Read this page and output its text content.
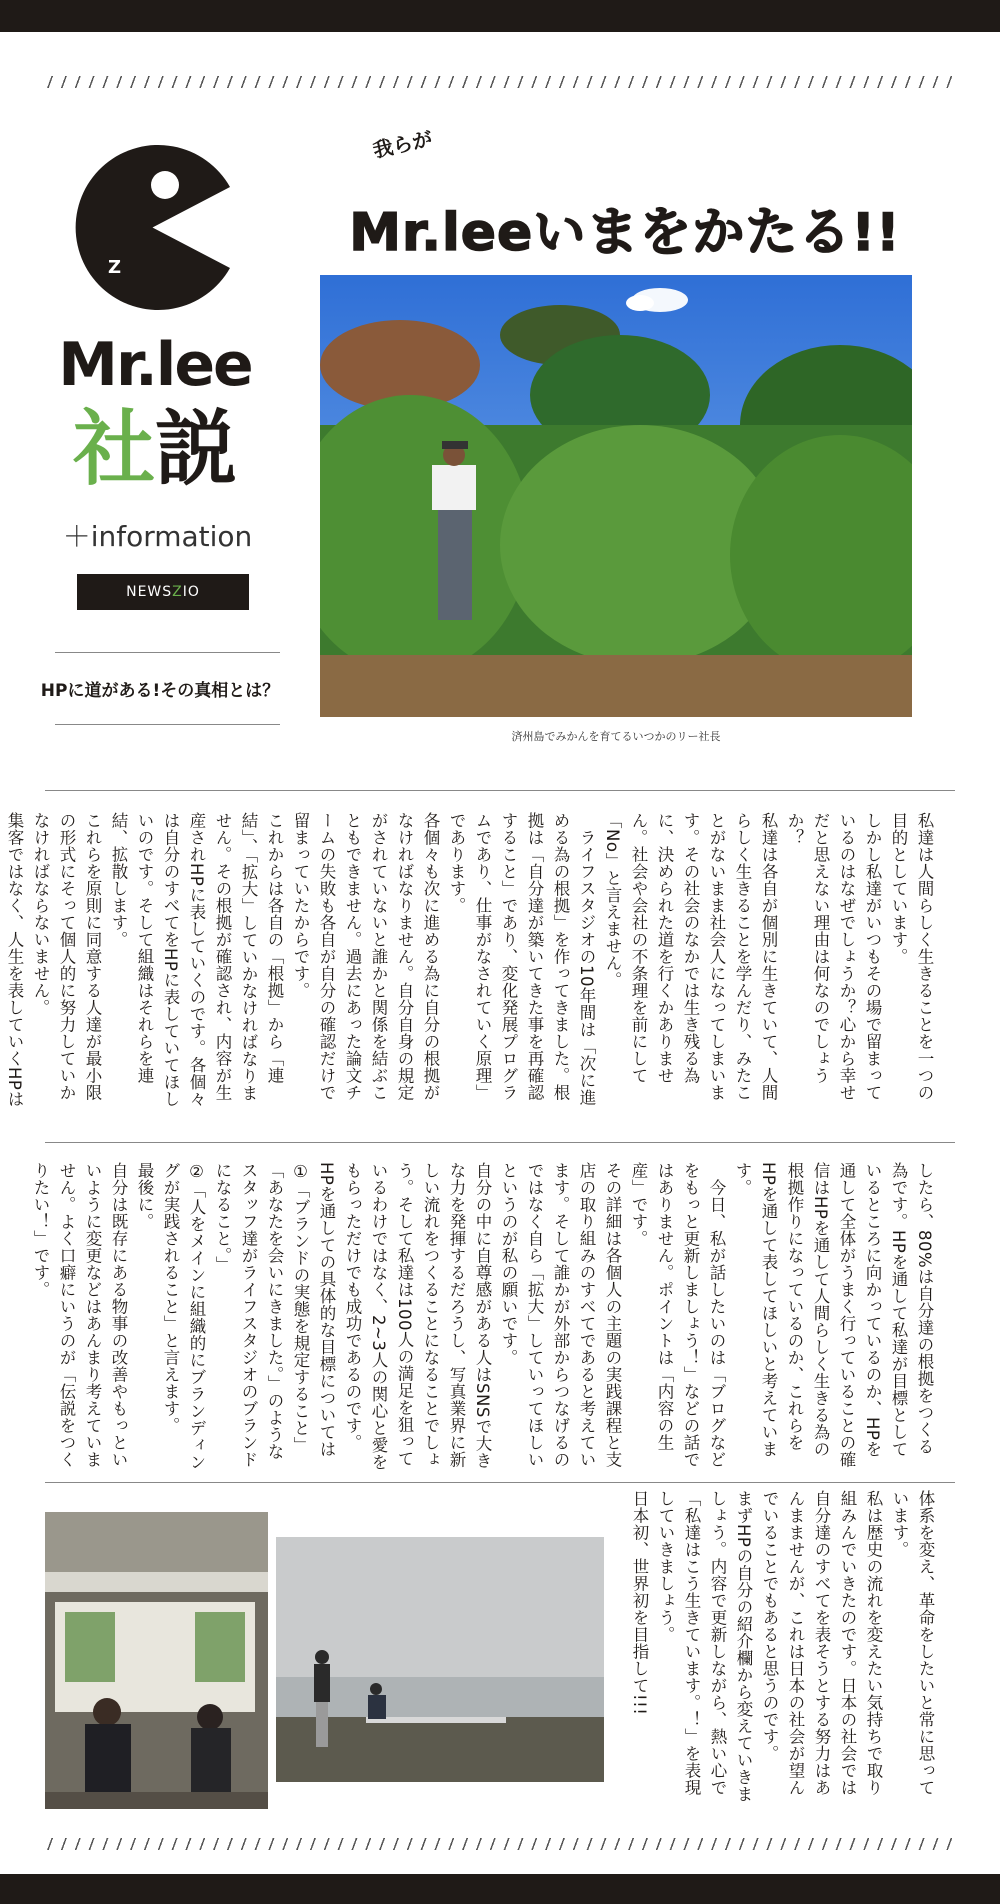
Z
Mr.lee
社説
＋information
NEWS Z IO
HPに道がある!その真相とは？
我らが
Mr.leeいまをかたる!!
済州島でみかんを育てるいつかのリー社長
私達は人間らしく生きることを一つの目的としています。
しかし私達がいつもその場で留まっているのはなぜでしょうか？心から幸せだと思えない理由は何なのでしょうか？
私達は各自が個別に生きていて、人間らしく生きることを学んだり、みたことがないまま社会人になってしまいます。その社会のなかでは生き残る為に、決められた道を行くかありません。社会や会社の不条理を前にして「No」と言えません。
　ライフスタジオの10年間は「次に進める為の根拠」を作ってきました。根拠は「自分達が築いてきた事を再確認すること」であり、変化発展プログラムであり、仕事がなされていく原理」であります。
各個々も次に進める為に自分の根拠がなければなりません。自分自身の規定がされていないと誰かと関係を結ぶこともできません。過去にあった論文チームの失敗も各自が自分の確認だけで留まっていたからです。
これからは各自の「根拠」から「連結」、「拡大」していかなければなりません。その根拠が確認され、内容が生産されHPに表していくのです。各個々は自分のすべてをHPに表していてほしいのです。そして組織はそれらを連結、拡散します。
これらを原則に同意する人達が最小限の形式にそって個人的に努力していかなければならないません。
集客ではなく、人生を表していくHPは
したら、80%は自分達の根拠をつくる為です。HPを通して私達が目標としているところに向かっているのか、HPを通して全体がうまく行っていることの確信はHPを通して人間らしく生きる為の根拠作りになっているのか、これらをHPを通して表してほしいと考えています。
　今日、私が話したいのは「ブログなどをもっと更新しましょう！」などの話ではありません。ポイントは「内容の生産」です。
その詳細は各個人の主題の実践課程と支店の取り組みのすべてであると考えています。そして誰かが外部からつなげるのではなく自ら「拡大」していってほしいというのが私の願いです。
自分の中に自尊感がある人はSNSで大きな力を発揮するだろうし、写真業界に新しい流れをつくることになることでしょう。そして私達は100人の満足を狙っているわけではなく、2~3人の関心と愛をもらっただけでも成功であるのです。
HPを通しての具体的な目標については
①「ブランドの実態を規定すること」「あなたを会いにきました。」のようなスタッフ達がライフスタジオのブランドになること。」
②「人をメインに組織的にブランディングが実践されること」と言えます。
最後に。
自分は既存にある物事の改善やもっといいように変更などはあんまり考えていません。よく口癖にいうのが「伝説をつくりたい！」です。
体系を変え、革命をしたいと常に思っています。
私は歴史の流れを変えたい気持ちで取り組みんでいきたのです。日本の社会では自分達のすべてを表そうとする努力はあんまませんが、これは日本の社会が望んでいることでもあると思うのです。
まずHPの自分の紹介欄から変えていきましょう。内容で更新しながら、熱い心で「私達はこう生きています。！」を表現していきましょう。
日本初、世界初を目指して!!!
